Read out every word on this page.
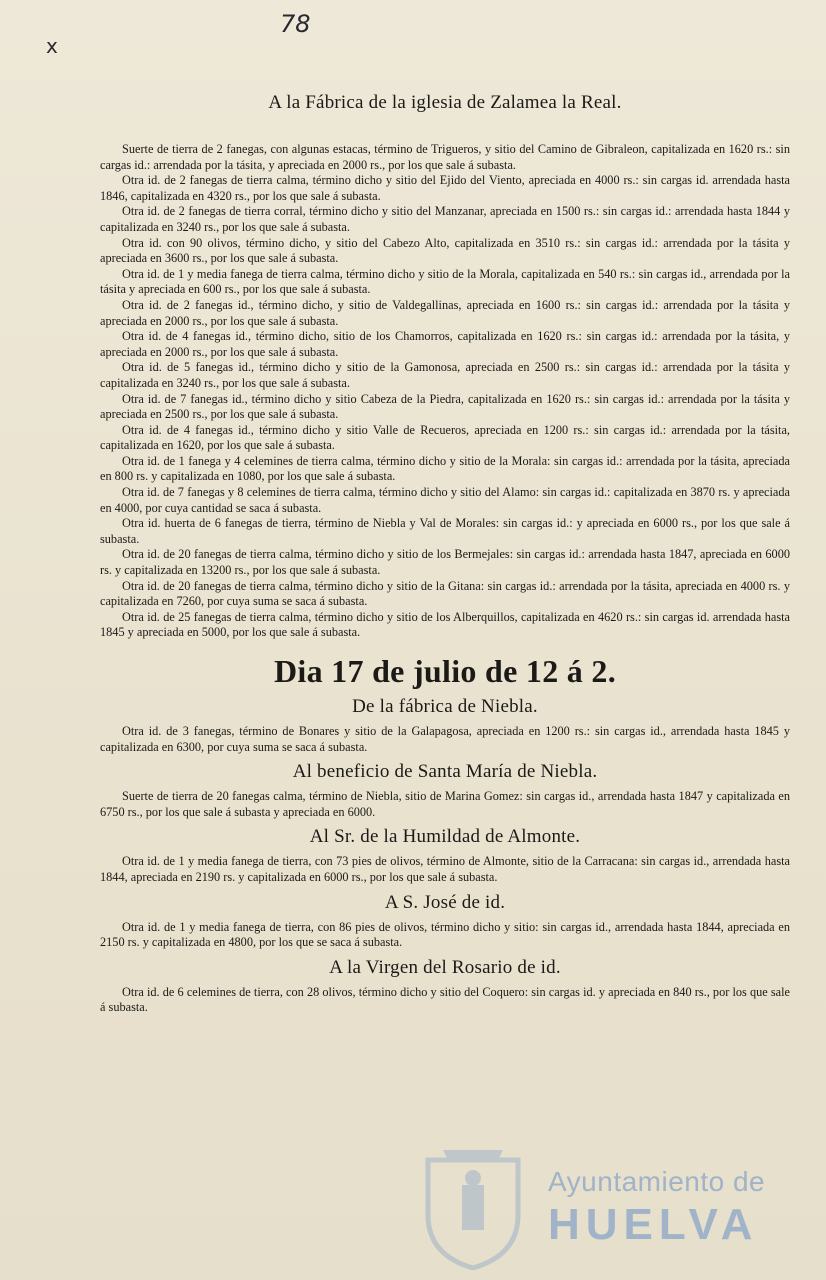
x
78
A la Fábrica de la iglesia de Zalamea la Real.

Suerte de tierra de 2 fanegas, con algunas estacas, término de Trigueros, y sitio del Camino de Gibraleon, capitalizada en 1620 rs.: sin cargas id.: arrendada por la tásita, y apreciada en 2000 rs., por los que sale á subasta.

Otra id. de 2 fanegas de tierra calma, término dicho y sitio del Ejido del Viento, apreciada en 4000 rs.: sin cargas id. arrendada hasta 1846, capitalizada en 4320 rs., por los que sale á subasta.

Otra id. de 2 fanegas de tierra corral, término dicho y sitio del Manzanar, apreciada en 1500 rs.: sin cargas id.: arrendada hasta 1844 y capitalizada en 3240 rs., por los que sale á subasta.

Otra id. con 90 olivos, término dicho, y sitio del Cabezo Alto, capitalizada en 3510 rs.: sin cargas id.: arrendada por la tásita y apreciada en 3600 rs., por los que sale á subasta.

Otra id. de 1 y media fanega de tierra calma, término dicho y sitio de la Morala, capitalizada en 540 rs.: sin cargas id., arrendada por la tásita y apreciada en 600 rs., por los que sale á subasta.

Otra id. de 2 fanegas id., término dicho, y sitio de Valdegallinas, apreciada en 1600 rs.: sin cargas id.: arrendada por la tásita y apreciada en 2000 rs., por los que sale á subasta.

Otra id. de 4 fanegas id., término dicho, sitio de los Chamorros, capitalizada en 1620 rs.: sin cargas id.: arrendada por la tásita, y apreciada en 2000 rs., por los que sale á subasta.

Otra id. de 5 fanegas id., término dicho y sitio de la Gamonosa, apreciada en 2500 rs.: sin cargas id.: arrendada por la tásita y capitalizada en 3240 rs., por los que sale á subasta.

Otra id. de 7 fanegas id., término dicho y sitio Cabeza de la Piedra, capitalizada en 1620 rs.: sin cargas id.: arrendada por la tásita y apreciada en 2500 rs., por los que sale á subasta.

Otra id. de 4 fanegas id., término dicho y sitio Valle de Recueros, apreciada en 1200 rs.: sin cargas id.: arrendada por la tásita, capitalizada en 1620, por los que sale á subasta.

Otra id. de 1 fanega y 4 celemines de tierra calma, término dicho y sitio de la Morala: sin cargas id.: arrendada por la tásita, apreciada en 800 rs. y capitalizada en 1080, por los que sale á subasta.

Otra id. de 7 fanegas y 8 celemines de tierra calma, término dicho y sitio del Alamo: sin cargas id.: capitalizada en 3870 rs. y apreciada en 4000, por cuya cantidad se saca á subasta.

Otra id. huerta de 6 fanegas de tierra, término de Niebla y Val de Morales: sin cargas id.: y apreciada en 6000 rs., por los que sale á subasta.

Otra id. de 20 fanegas de tierra calma, término dicho y sitio de los Bermejales: sin cargas id.: arrendada hasta 1847, apreciada en 6000 rs. y capitalizada en 13200 rs., por los que sale á subasta.

Otra id. de 20 fanegas de tierra calma, término dicho y sitio de la Gitana: sin cargas id.: arrendada por la tásita, apreciada en 4000 rs. y capitalizada en 7260, por cuya suma se saca á subasta.

Otra id. de 25 fanegas de tierra calma, término dicho y sitio de los Alberquillos, capitalizada en 4620 rs.: sin cargas id. arrendada hasta 1845 y apreciada en 5000, por los que sale á subasta.

Dia 17 de julio de 12 á 2.
De la fábrica de Niebla.

Otra id. de 3 fanegas, término de Bonares y sitio de la Galapagosa, apreciada en 1200 rs.: sin cargas id., arrendada hasta 1845 y capitalizada en 6300, por cuya suma se saca á subasta.

Al beneficio de Santa María de Niebla.

Suerte de tierra de 20 fanegas calma, término de Niebla, sitio de Marina Gomez: sin cargas id., arrendada hasta 1847 y capitalizada en 6750 rs., por los que sale á subasta y apreciada en 6000.

Al Sr. de la Humildad de Almonte.

Otra id. de 1 y media fanega de tierra, con 73 pies de olivos, término de Almonte, sitio de la Carracana: sin cargas id., arrendada hasta 1844, apreciada en 2190 rs. y capitalizada en 6000 rs., por los que sale á subasta.

A S. José de id.

Otra id. de 1 y media fanega de tierra, con 86 pies de olivos, término dicho y sitio: sin cargas id., arrendada hasta 1844, apreciada en 2150 rs. y capitalizada en 4800, por los que se saca á subasta.

A la Virgen del Rosario de id.

Otra id. de 6 celemines de tierra, con 28 olivos, término dicho y sitio del Coquero: sin cargas id. y apreciada en 840 rs., por los que sale á subasta.

Ayuntamiento de
HUELVA
